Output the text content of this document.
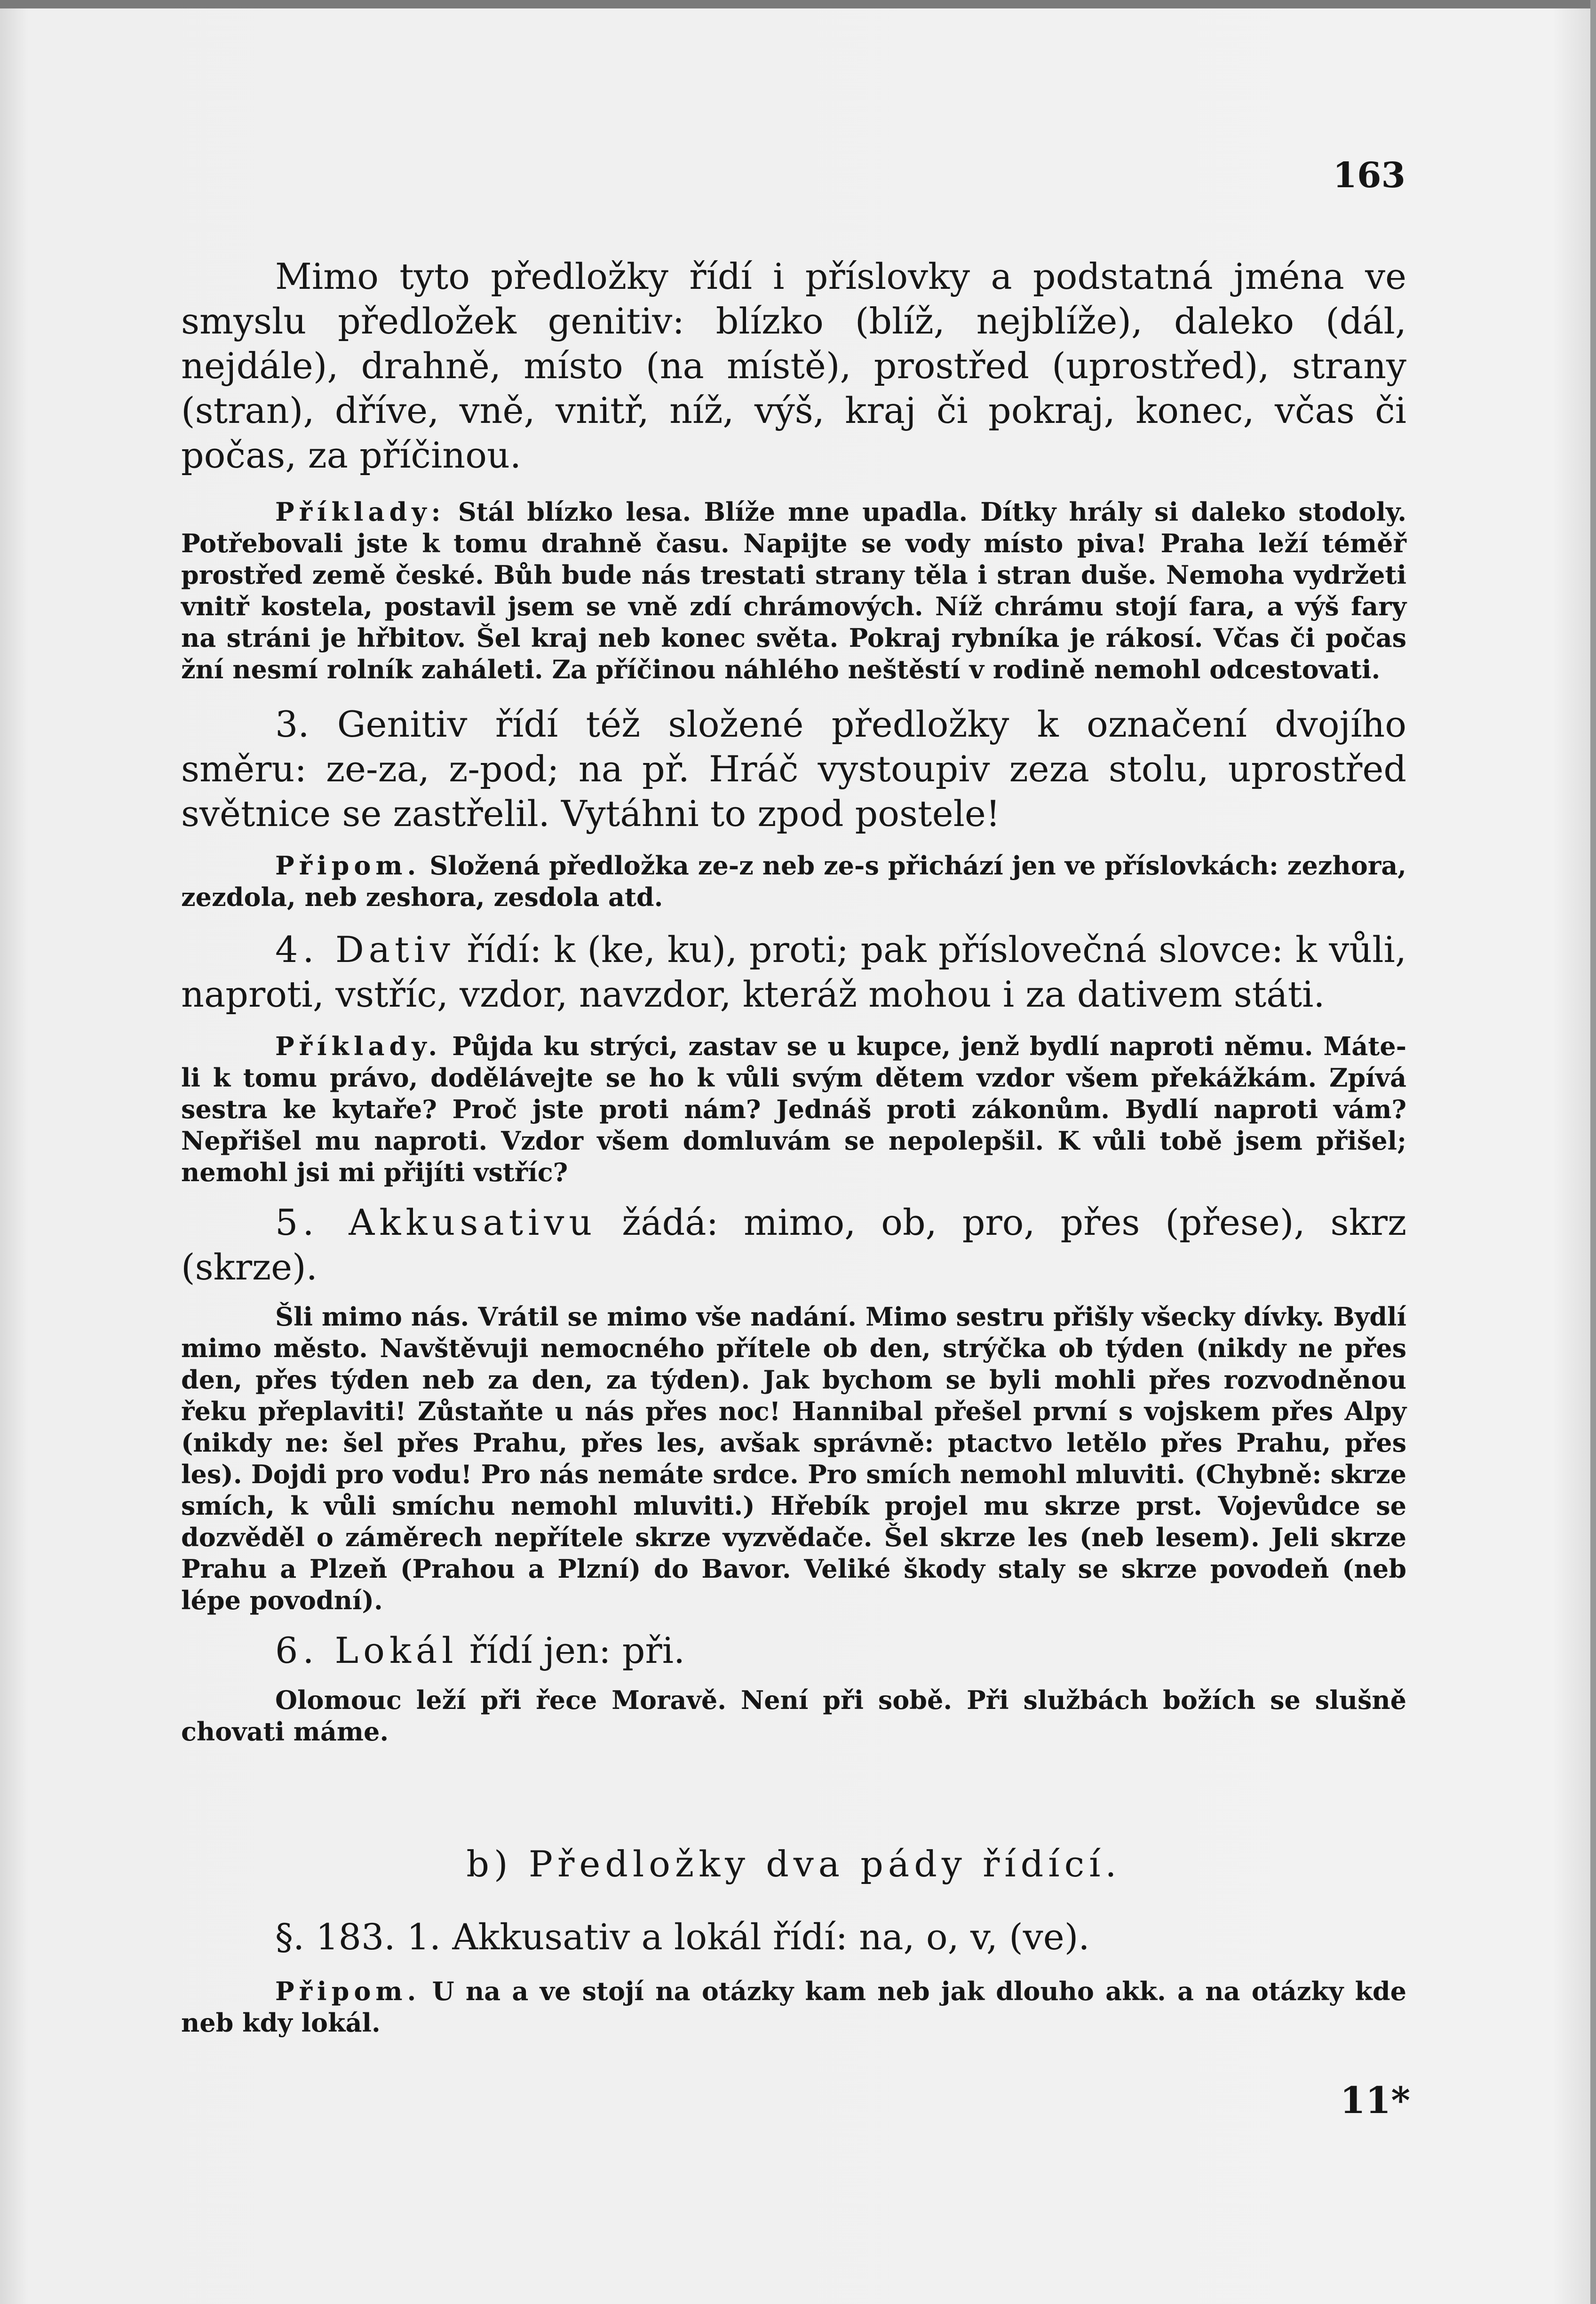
163

Mimo tyto předložky řídí i příslovky a podstatná jména ve smyslu předložek genitiv: blízko (blíž, nejblíže), daleko (dál, nejdále), drahně, místo (na místě), prostřed (uprostřed), strany (stran), dříve, vně, vnitř, níž, výš, kraj či pokraj, konec, včas či počas, za příčinou.

Příklady: Stál blízko lesa. Blíže mne upadla. Dítky hrály si daleko stodoly. Potřebovali jste k tomu drahně času. Napijte se vody místo piva! Praha leží téměř prostřed země české. Bůh bude nás trestati strany těla i stran duše. Nemoha vydržeti vnitř kostela, postavil jsem se vně zdí chrámových. Níž chrámu stojí fara, a výš fary na stráni je hřbitov. Šel kraj neb konec světa. Pokraj rybníka je rákosí. Včas či počas žní nesmí rolník zaháleti. Za příčinou náhlého neštěstí v rodině nemohl odcestovati.

3. Genitiv řídí též složené předložky k označení dvojího směru: ze-za, z-pod; na př. Hráč vystoupiv zeza stolu, uprostřed světnice se zastřelil. Vytáhni to zpod postele!

Připom. Složená předložka ze-z neb ze-s přichází jen ve příslovkách: zezhora, zezdola, neb zeshora, zesdola atd.

4. Dativ řídí: k (ke, ku), proti; pak příslovečná slovce: k vůli, naproti, vstříc, vzdor, navzdor, kteráž mohou i za dativem státi.

Příklady. Půjda ku strýci, zastav se u kupce, jenž bydlí naproti němu. Máte-li k tomu právo, dodělávejte se ho k vůli svým dětem vzdor všem překážkám. Zpívá sestra ke kytaře? Proč jste proti nám? Jednáš proti zákonům. Bydlí naproti vám? Nepřišel mu naproti. Vzdor všem domluvám se nepolepšil. K vůli tobě jsem přišel; nemohl jsi mi přijíti vstříc?

5. Akkusativu žádá: mimo, ob, pro, přes (přese), skrz (skrze).

Šli mimo nás. Vrátil se mimo vše nadání. Mimo sestru přišly všecky dívky. Bydlí mimo město. Navštěvuji nemocného přítele ob den, strýčka ob týden (nikdy ne přes den, přes týden neb za den, za týden). Jak bychom se byli mohli přes rozvodněnou řeku přeplaviti! Zůstaňte u nás přes noc! Hannibal přešel první s vojskem přes Alpy (nikdy ne: šel přes Prahu, přes les, avšak správně: ptactvo letělo přes Prahu, přes les). Dojdi pro vodu! Pro nás nemáte srdce. Pro smích nemohl mluviti. (Chybně: skrze smích, k vůli smíchu nemohl mluviti.) Hřebík projel mu skrze prst. Vojevůdce se dozvěděl o záměrech nepřítele skrze vyzvědače. Šel skrze les (neb lesem). Jeli skrze Prahu a Plzeň (Prahou a Plzní) do Bavor. Veliké škody staly se skrze povodeň (neb lépe povodní).

6. Lokál řídí jen: při.

Olomouc leží při řece Moravě. Není při sobě. Při službách božích se slušně chovati máme.

b) Předložky dva pády řídící.

§. 183. 1. Akkusativ a lokál řídí: na, o, v, (ve).

Připom. U na a ve stojí na otázky kam neb jak dlouho akk. a na otázky kde neb kdy lokál.

11*
